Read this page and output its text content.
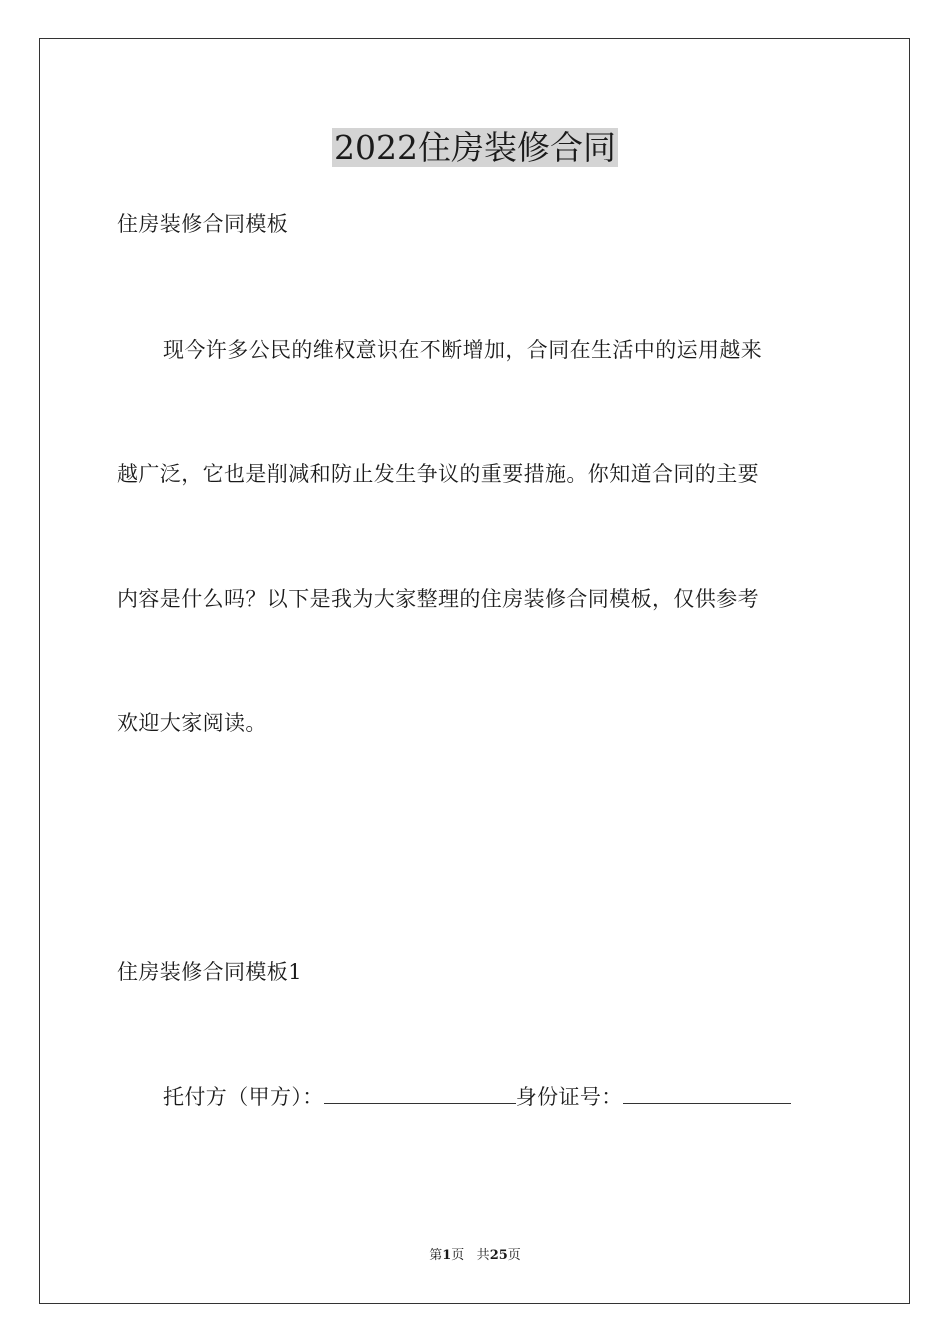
2022住房装修合同
住房装修合同模板
现今许多公民的维权意识在不断增加，合同在生活中的运用越来
越广泛，它也是削减和防止发生争议的重要措施。你知道合同的主要
内容是什么吗？以下是我为大家整理的住房装修合同模板，仅供参考
欢迎大家阅读。
住房装修合同模板1
托付方（甲方）：	身份证号：
第1页 共25页
